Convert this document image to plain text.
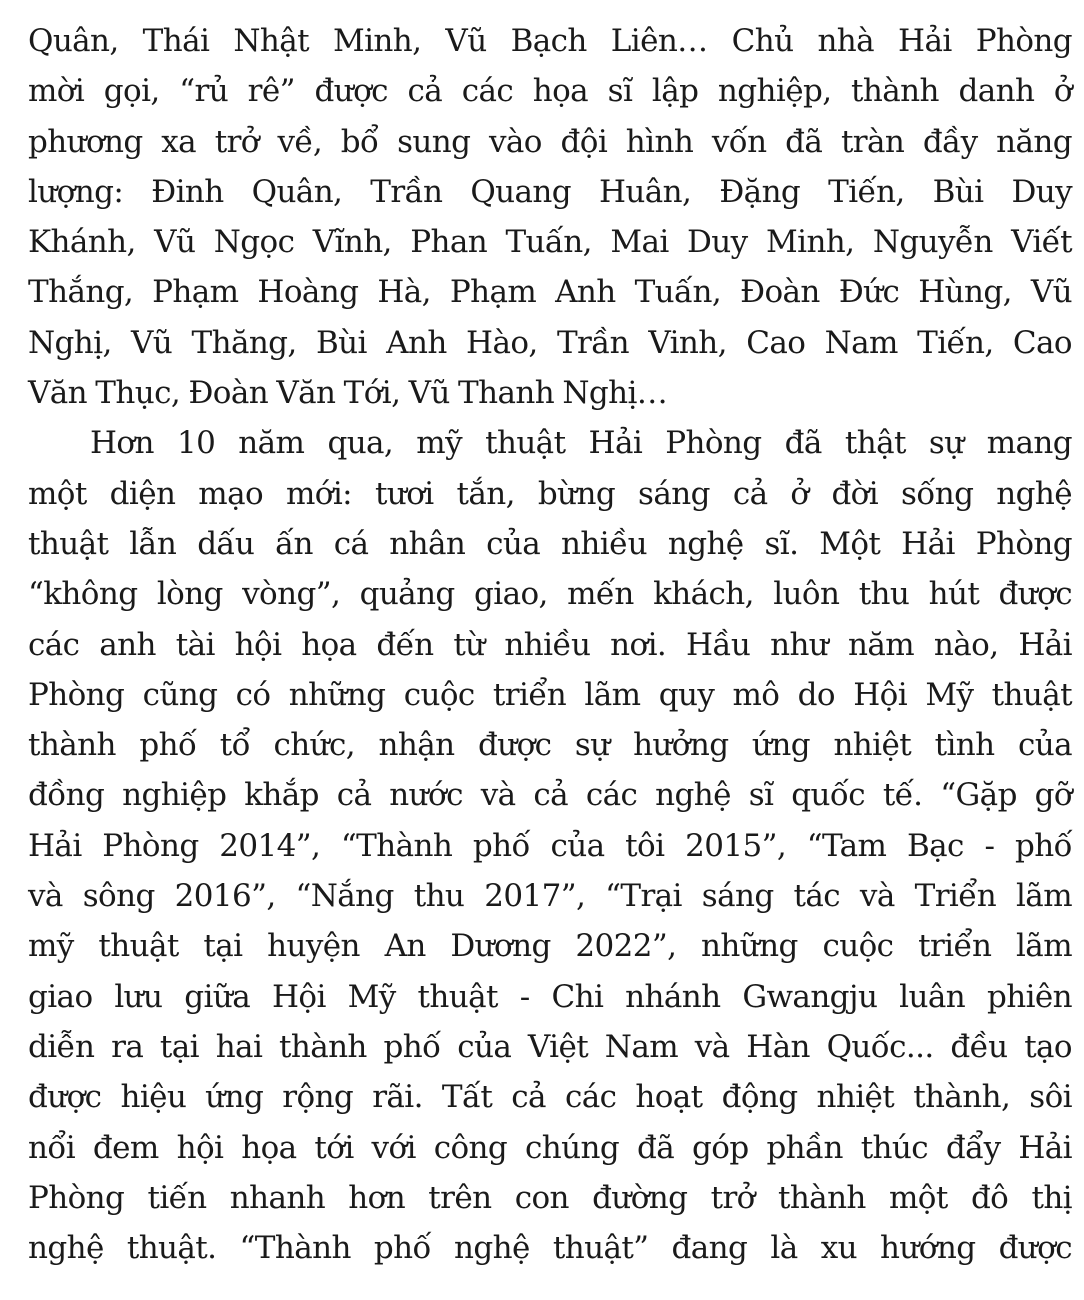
Quân, Thái Nhật Minh, Vũ Bạch Liên… Chủ nhà Hải Phòng
mời gọi, “rủ rê” được cả các họa sĩ lập nghiệp, thành danh ở
phương xa trở về, bổ sung vào đội hình vốn đã tràn đầy năng
lượng: Đinh Quân, Trần Quang Huân, Đặng Tiến, Bùi Duy
Khánh, Vũ Ngọc Vĩnh, Phan Tuấn, Mai Duy Minh, Nguyễn Viết
Thắng, Phạm Hoàng Hà, Phạm Anh Tuấn, Đoàn Đức Hùng, Vũ
Nghị, Vũ Thăng, Bùi Anh Hào, Trần Vinh, Cao Nam Tiến, Cao
Văn Thục, Đoàn Văn Tới, Vũ Thanh Nghị…
Hơn 10 năm qua, mỹ thuật Hải Phòng đã thật sự mang
một diện mạo mới: tươi tắn, bừng sáng cả ở đời sống nghệ
thuật lẫn dấu ấn cá nhân của nhiều nghệ sĩ. Một Hải Phòng
“không lòng vòng”, quảng giao, mến khách, luôn thu hút được
các anh tài hội họa đến từ nhiều nơi. Hầu như năm nào, Hải
Phòng cũng có những cuộc triển lãm quy mô do Hội Mỹ thuật
thành phố tổ chức, nhận được sự hưởng ứng nhiệt tình của
đồng nghiệp khắp cả nước và cả các nghệ sĩ quốc tế. “Gặp gỡ
Hải Phòng 2014”, “Thành phố của tôi 2015”, “Tam Bạc - phố
và sông 2016”, “Nắng thu 2017”, “Trại sáng tác và Triển lãm
mỹ thuật tại huyện An Dương 2022”, những cuộc triển lãm
giao lưu giữa Hội Mỹ thuật - Chi nhánh Gwangju luân phiên
diễn ra tại hai thành phố của Việt Nam và Hàn Quốc... đều tạo
được hiệu ứng rộng rãi. Tất cả các hoạt động nhiệt thành, sôi
nổi đem hội họa tới với công chúng đã góp phần thúc đẩy Hải
Phòng tiến nhanh hơn trên con đường trở thành một đô thị
nghệ thuật. “Thành phố nghệ thuật” đang là xu hướng được
